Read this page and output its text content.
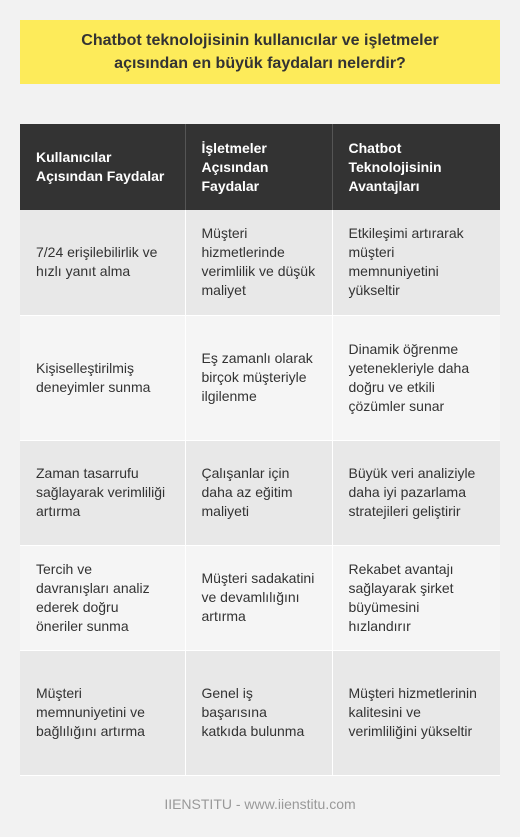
Chatbot teknolojisinin kullanıcılar ve işletmeler
açısından en büyük faydaları nelerdir?
Kullanıcılar Açısından Faydalar	İşletmeler Açısından Faydalar	Chatbot Teknolojisinin Avantajları
7/24 erişilebilirlik ve hızlı yanıt alma	Müşteri hizmetlerinde verimlilik ve düşük maliyet	Etkileşimi artırarak müşteri memnuniyetini yükseltir
Kişiselleştirilmiş deneyimler sunma	Eş zamanlı olarak birçok müşteriyle ilgilenme	Dinamik öğrenme yetenekleriyle daha doğru ve etkili çözümler sunar
Zaman tasarrufu sağlayarak verimliliği artırma	Çalışanlar için daha az eğitim maliyeti	Büyük veri analiziyle daha iyi pazarlama stratejileri geliştirir
Tercih ve davranışları analiz ederek doğru öneriler sunma	Müşteri sadakatini ve devamlılığını artırma	Rekabet avantajı sağlayarak şirket büyümesini hızlandırır
Müşteri memnuniyetini ve bağlılığını artırma	Genel iş başarısına katkıda bulunma	Müşteri hizmetlerinin kalitesini ve verimliliğini yükseltir
IIENSTITU - www.iienstitu.com
